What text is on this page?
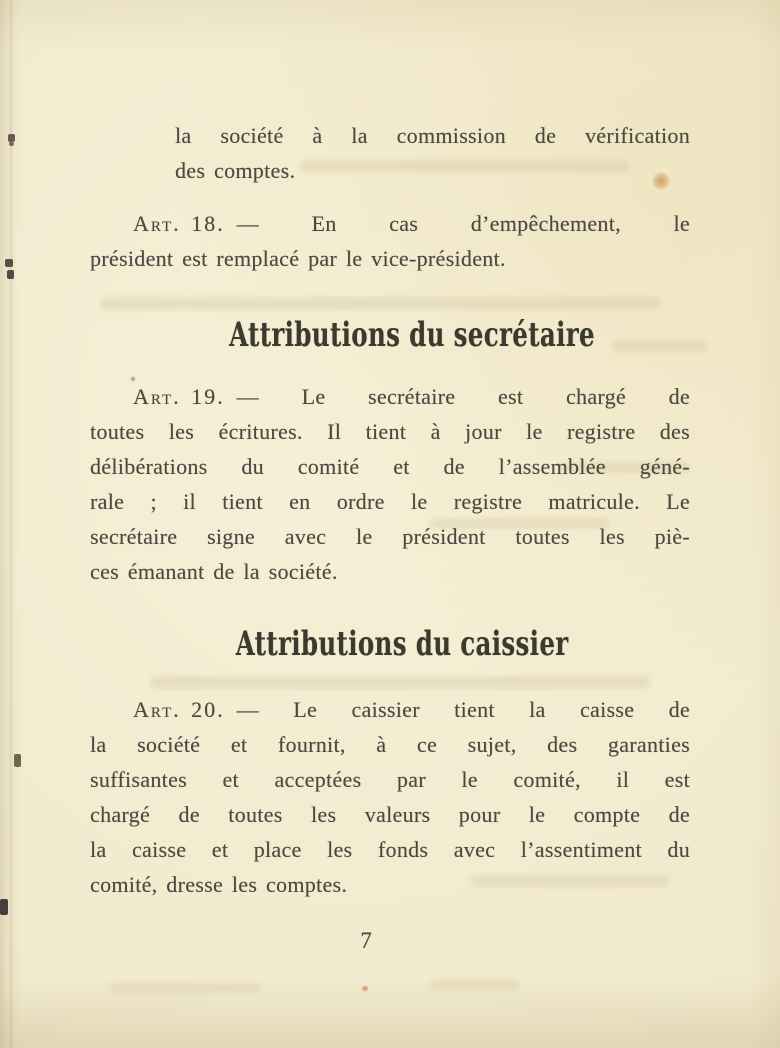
la société à la commission de vérification
des comptes.
Art. 18. — En cas d’empêchement, le
président est remplacé par le vice-président.
Attributions du secrétaire
Art. 19. — Le secrétaire est chargé de
toutes les écritures. Il tient à jour le registre des
délibérations du comité et de l’assemblée géné-
rale ; il tient en ordre le registre matricule. Le
secrétaire signe avec le président toutes les piè-
ces émanant de la société.
Attributions du caissier
Art. 20. — Le caissier tient la caisse de
la société et fournit, à ce sujet, des garanties
suffisantes et acceptées par le comité, il est
chargé de toutes les valeurs pour le compte de
la caisse et place les fonds avec l’assentiment du
comité, dresse les comptes.
7
